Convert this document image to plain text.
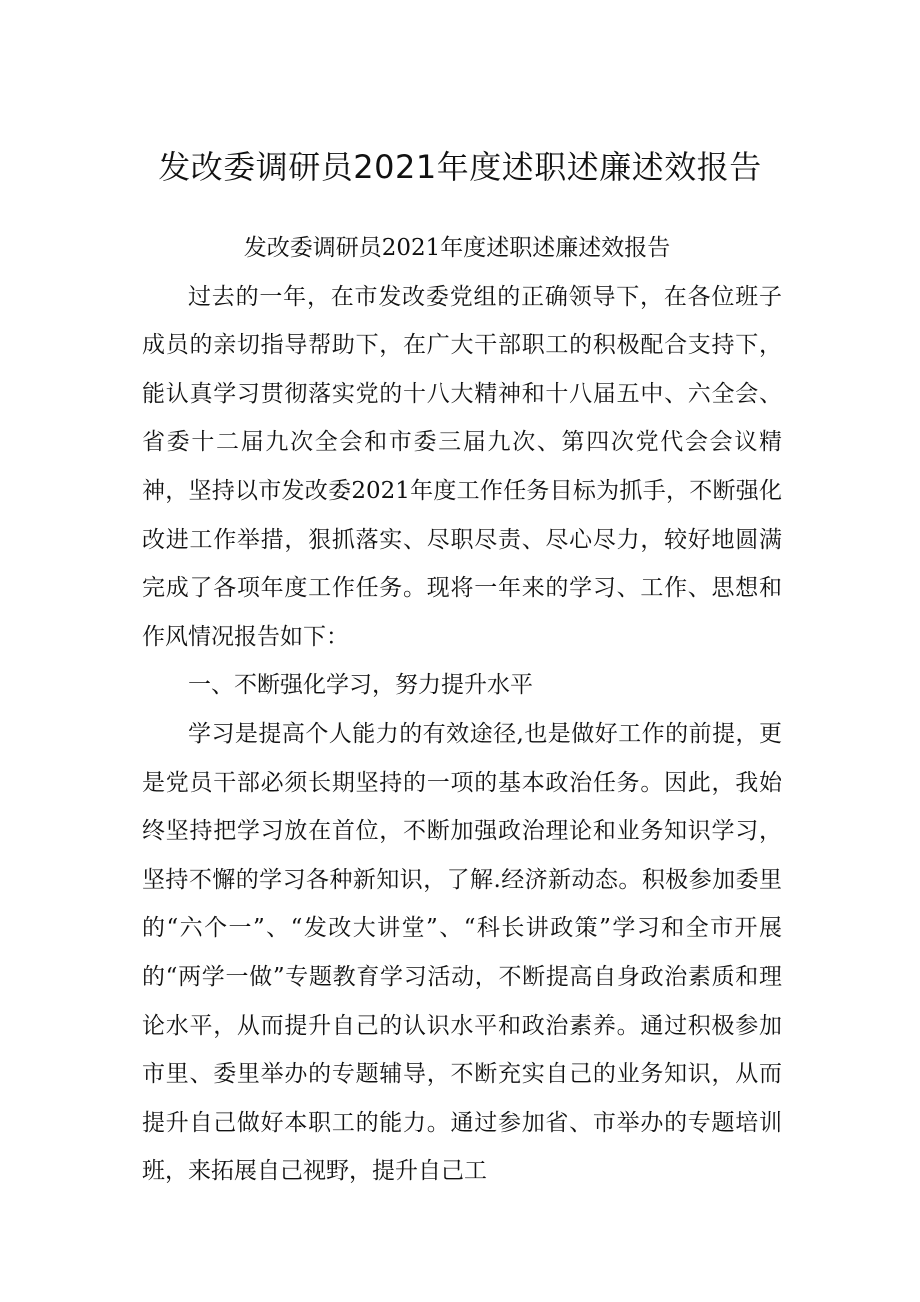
发改委调研员2021年度述职述廉述效报告

发改委调研员2021年度述职述廉述效报告

过去的一年，在市发改委党组的正确领导下，在各位班子成员的亲切指导帮助下，在广大干部职工的积极配合支持下，能认真学习贯彻落实党的十八大精神和十八届五中、六全会、省委十二届九次全会和市委三届九次、第四次党代会会议精神，坚持以市发改委2021年度工作任务目标为抓手，不断强化改进工作举措，狠抓落实、尽职尽责、尽心尽力，较好地圆满完成了各项年度工作任务。现将一年来的学习、工作、思想和作风情况报告如下：

一、不断强化学习，努力提升水平

学习是提高个人能力的有效途径,也是做好工作的前提，更是党员干部必须长期坚持的一项的基本政治任务。因此，我始终坚持把学习放在首位，不断加强政治理论和业务知识学习，坚持不懈的学习各种新知识，了解.经济新动态。积极参加委里的“六个一”、“发改大讲堂”、“科长讲政策”学习和全市开展的“两学一做”专题教育学习活动，不断提高自身政治素质和理论水平，从而提升自己的认识水平和政治素养。通过积极参加市里、委里举办的专题辅导，不断充实自己的业务知识，从而提升自己做好本职工的能力。通过参加省、市举办的专题培训班，来拓展自己视野，提升自己工
